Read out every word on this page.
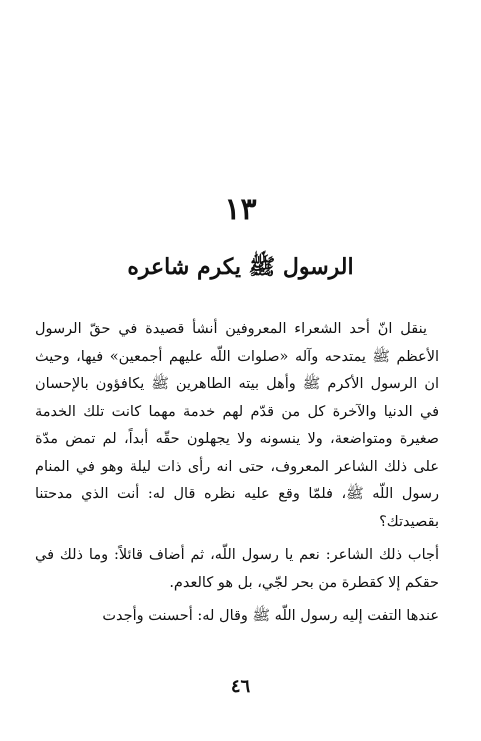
١٣
الرسول ﷺ يكرم شاعره

ينقل انّ أحد الشعراء المعروفين أنشأ قصيدة في حقّ الرسول الأعظم ﷺ يمتدحه وآله «صلوات اللّه عليهم أجمعين» فيها، وحيث ان الرسول الأكرم ﷺ وأهل بيته الطاهرين ﷺ يكافؤون بالإحسان في الدنيا والآخرة كل من قدّم لهم خدمة مهما كانت تلك الخدمة صغيرة ومتواضعة، ولا ينسونه ولا يجهلون حقّه أبداً، لم تمض مدّة على ذلك الشاعر المعروف، حتى انه رأى ذات ليلة وهو في المنام رسول اللّه ﷺ، فلمّا وقع عليه نظره قال له: أنت الذي مدحتنا بقصيدتك؟

أجاب ذلك الشاعر: نعم يا رسول اللّه، ثم أضاف قائلاً: وما ذلك في حقكم إلا كقطرة من بحر لجّي، بل هو كالعدم.

عندها التفت إليه رسول اللّه ﷺ وقال له: أحسنت وأجدت

٤٦
